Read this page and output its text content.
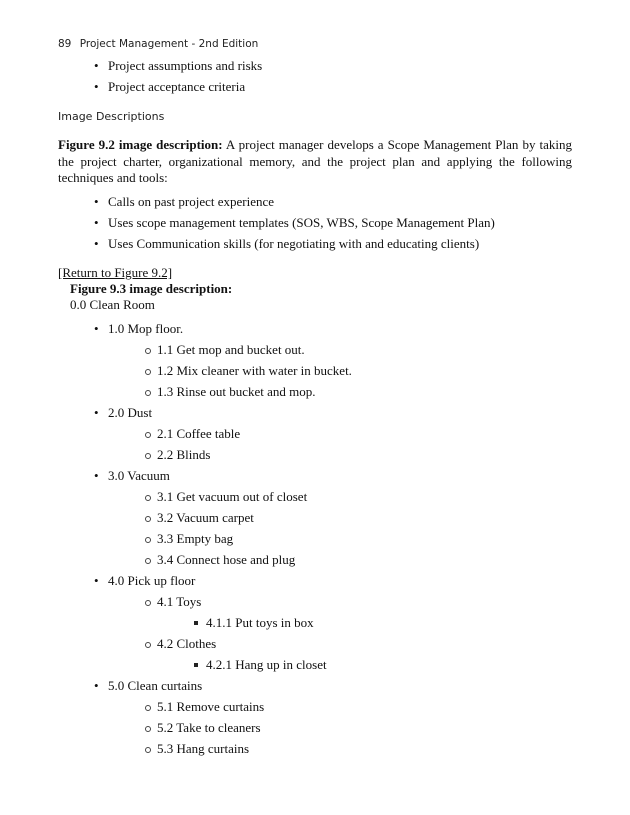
89 Project Management - 2nd Edition
• Project assumptions and risks
• Project acceptance criteria
Image Descriptions
Figure 9.2 image description: A project manager develops a Scope Management Plan by taking the project charter, organizational memory, and the project plan and applying the following techniques and tools:
• Calls on past project experience
• Uses scope management templates (SOS, WBS, Scope Management Plan)
• Uses Communication skills (for negotiating with and educating clients)
[Return to Figure 9.2]
Figure 9.3 image description:
0.0 Clean Room
• 1.0 Mop floor.
1.1 Get mop and bucket out.
1.2 Mix cleaner with water in bucket.
1.3 Rinse out bucket and mop.
• 2.0 Dust
2.1 Coffee table
2.2 Blinds
• 3.0 Vacuum
3.1 Get vacuum out of closet
3.2 Vacuum carpet
3.3 Empty bag
3.4 Connect hose and plug
• 4.0 Pick up floor
4.1 Toys
4.1.1 Put toys in box
4.2 Clothes
4.2.1 Hang up in closet
• 5.0 Clean curtains
5.1 Remove curtains
5.2 Take to cleaners
5.3 Hang curtains
